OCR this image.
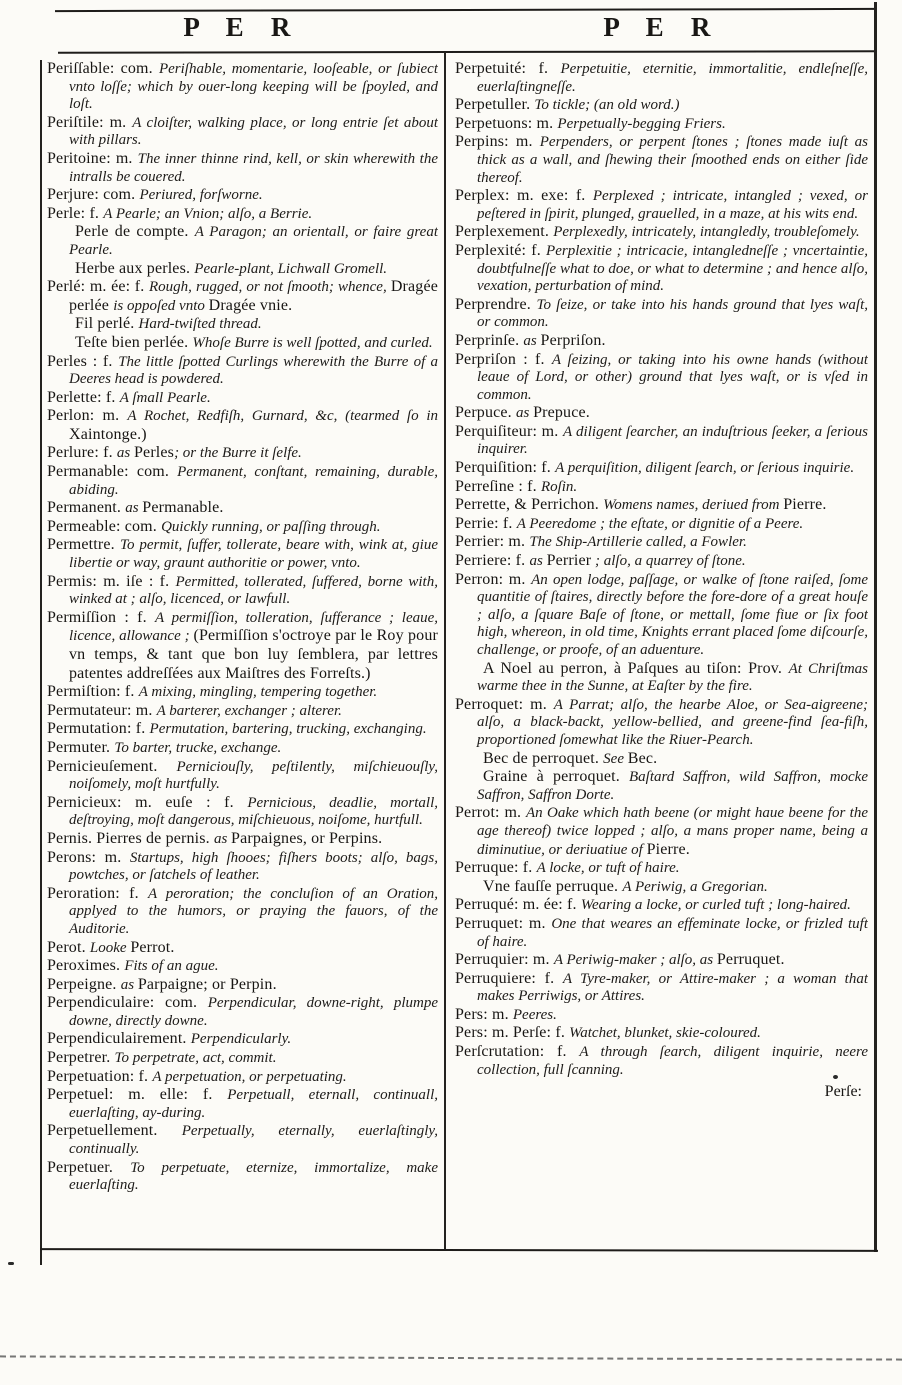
P E R	P E R

Periſſable: com. Periſhable, momentarie, looſeable, or ſubiect vnto loſſe; which by ouer-long keeping will be ſpoyled, and loſt.

Periſtile: m. A cloiſter, walking place, or long entrie ſet about with pillars.

Peritoine: m. The inner thinne rind, kell, or skin wherewith the intralls be couered.

Perjure: com. Periured, forſworne.

Perle: f. A Pearle; an Vnion; alſo, a Berrie.

Perle de compte. A Paragon; an orientall, or faire great Pearle.

Herbe aux perles. Pearle-plant, Lichwall Gromell.

Perlé: m. ée: f. Rough, rugged, or not ſmooth; whence, Dragée perlée is oppoſed vnto Dragée vnie.

Fil perlé. Hard-twiſted thread.

Teſte bien perlée. Whoſe Burre is well ſpotted, and curled.

Perles : f. The little ſpotted Curlings wherewith the Burre of a Deeres head is powdered.

Perlette: f. A ſmall Pearle.

Perlon: m. A Rochet, Redfiſh, Gurnard, &c, (tearmed ſo in Xaintonge.)

Perlure: f. as Perles; or the Burre it ſelfe.

Permanable: com. Permanent, conſtant, remaining, durable, abiding.

Permanent. as Permanable.

Permeable: com. Quickly running, or paſſing through.

Permettre. To permit, ſuffer, tollerate, beare with, wink at, giue libertie or way, graunt authoritie or power, vnto.

Permis: m. iſe : f. Permitted, tollerated, ſuffered, borne with, winked at ; alſo, licenced, or lawfull.

Permiſſion : f. A permiſſion, tolleration, ſufferance ; leaue, licence, allowance ; (Permiſſion s'octroye par le Roy pour vn temps, & tant que bon luy ſemblera, par lettres patentes addreſſées aux Maiſtres des Forreſts.)

Permiſtion: f. A mixing, mingling, tempering together.

Permutateur: m. A barterer, exchanger ; alterer.

Permutation: f. Permutation, bartering, trucking, exchanging.

Permuter. To barter, trucke, exchange.

Pernicieuſement. Perniciouſly, peſtilently, miſchieuouſly, noiſomely, moſt hurtfully.

Pernicieux: m. euſe : f. Pernicious, deadlie, mortall, deſtroying, moſt dangerous, miſchieuous, noiſome, hurtfull.

Pernis. Pierres de pernis. as Parpaignes, or Perpins.

Perons: m. Startups, high ſhooes; fiſhers boots; alſo, bags, powtches, or ſatchels of leather.

Peroration: f. A peroration; the concluſion of an Oration, applyed to the humors, or praying the fauors, of the Auditorie.

Perot. Looke Perrot.

Peroximes. Fits of an ague.

Perpeigne. as Parpaigne; or Perpin.

Perpendiculaire: com. Perpendicular, downe-right, plumpe downe, directly downe.

Perpendiculairement. Perpendicularly.

Perpetrer. To perpetrate, act, commit.

Perpetuation: f. A perpetuation, or perpetuating.

Perpetuel: m. elle: f. Perpetuall, eternall, continuall, euerlaſting, ay-during.

Perpetuellement. Perpetually, eternally, euerlaſtingly, continually.

Perpetuer. To perpetuate, eternize, immortalize, make euerlaſting.

Perpetuité: f. Perpetuitie, eternitie, immortalitie, endleſneſſe, euerlaſtingneſſe.

Perpetuller. To tickle; (an old word.)

Perpetuons: m. Perpetually-begging Friers.

Perpins: m. Perpenders, or perpent ſtones ; ſtones made iuſt as thick as a wall, and ſhewing their ſmoothed ends on either ſide thereof.

Perplex: m. exe: f. Perplexed ; intricate, intangled ; vexed, or peſtered in ſpirit, plunged, grauelled, in a maze, at his wits end.

Perplexement. Perplexedly, intricately, intangledly, troubleſomely.

Perplexité: f. Perplexitie ; intricacie, intangledneſſe ; vncertaintie, doubtfulneſſe what to doe, or what to determine ; and hence alſo, vexation, perturbation of mind.

Perprendre. To ſeize, or take into his hands ground that lyes waſt, or common.

Perprinſe. as Perpriſon.

Perpriſon : f. A ſeizing, or taking into his owne hands (without leaue of Lord, or other) ground that lyes waſt, or is vſed in common.

Perpuce. as Prepuce.

Perquiſiteur: m. A diligent ſearcher, an induſtrious ſeeker, a ſerious inquirer.

Perquiſition: f. A perquiſition, diligent ſearch, or ſerious inquirie.

Perreſine : f. Roſin.

Perrette, & Perrichon. Womens names, deriued from Pierre.

Perrie: f. A Peeredome ; the eſtate, or dignitie of a Peere.

Perrier: m. The Ship-Artillerie called, a Fowler.

Perriere: f. as Perrier ; alſo, a quarrey of ſtone.

Perron: m. An open lodge, paſſage, or walke of ſtone raiſed, ſome quantitie of ſtaires, directly before the fore-dore of a great houſe ; alſo, a ſquare Baſe of ſtone, or mettall, ſome fiue or ſix foot high, whereon, in old time, Knights errant placed ſome diſcourſe, challenge, or proofe, of an aduenture.

A Noel au perron, à Paſques au tiſon: Prov. At Chriſtmas warme thee in the Sunne, at Eaſter by the fire.

Perroquet: m. A Parrat; alſo, the hearbe Aloe, or Sea-aigreene; alſo, a black-backt, yellow-bellied, and greene-find ſea-fiſh, proportioned ſomewhat like the Riuer-Pearch.

Bec de perroquet. See Bec.

Graine à perroquet. Baſtard Saffron, wild Saffron, mocke Saffron, Saffron Dorte.

Perrot: m. An Oake which hath beene (or might haue beene for the age thereof) twice lopped ; alſo, a mans proper name, being a diminutiue, or deriuatiue of Pierre.

Perruque: f. A locke, or tuft of haire.

Vne fauſſe perruque. A Periwig, a Gregorian.

Perruqué: m. ée: f. Wearing a locke, or curled tuft ; long-haired.

Perruquet: m. One that weares an effeminate locke, or frizled tuft of haire.

Perruquier: m. A Periwig-maker ; alſo, as Perruquet.

Perruquiere: f. A Tyre-maker, or Attire-maker ; a woman that makes Perriwigs, or Attires.

Pers: m. Peeres.

Pers: m. Perſe: f. Watchet, blunket, skie-coloured.

Perſcrutation: f. A through ſearch, diligent inquirie, neere collection, full ſcanning.

Perſe:
